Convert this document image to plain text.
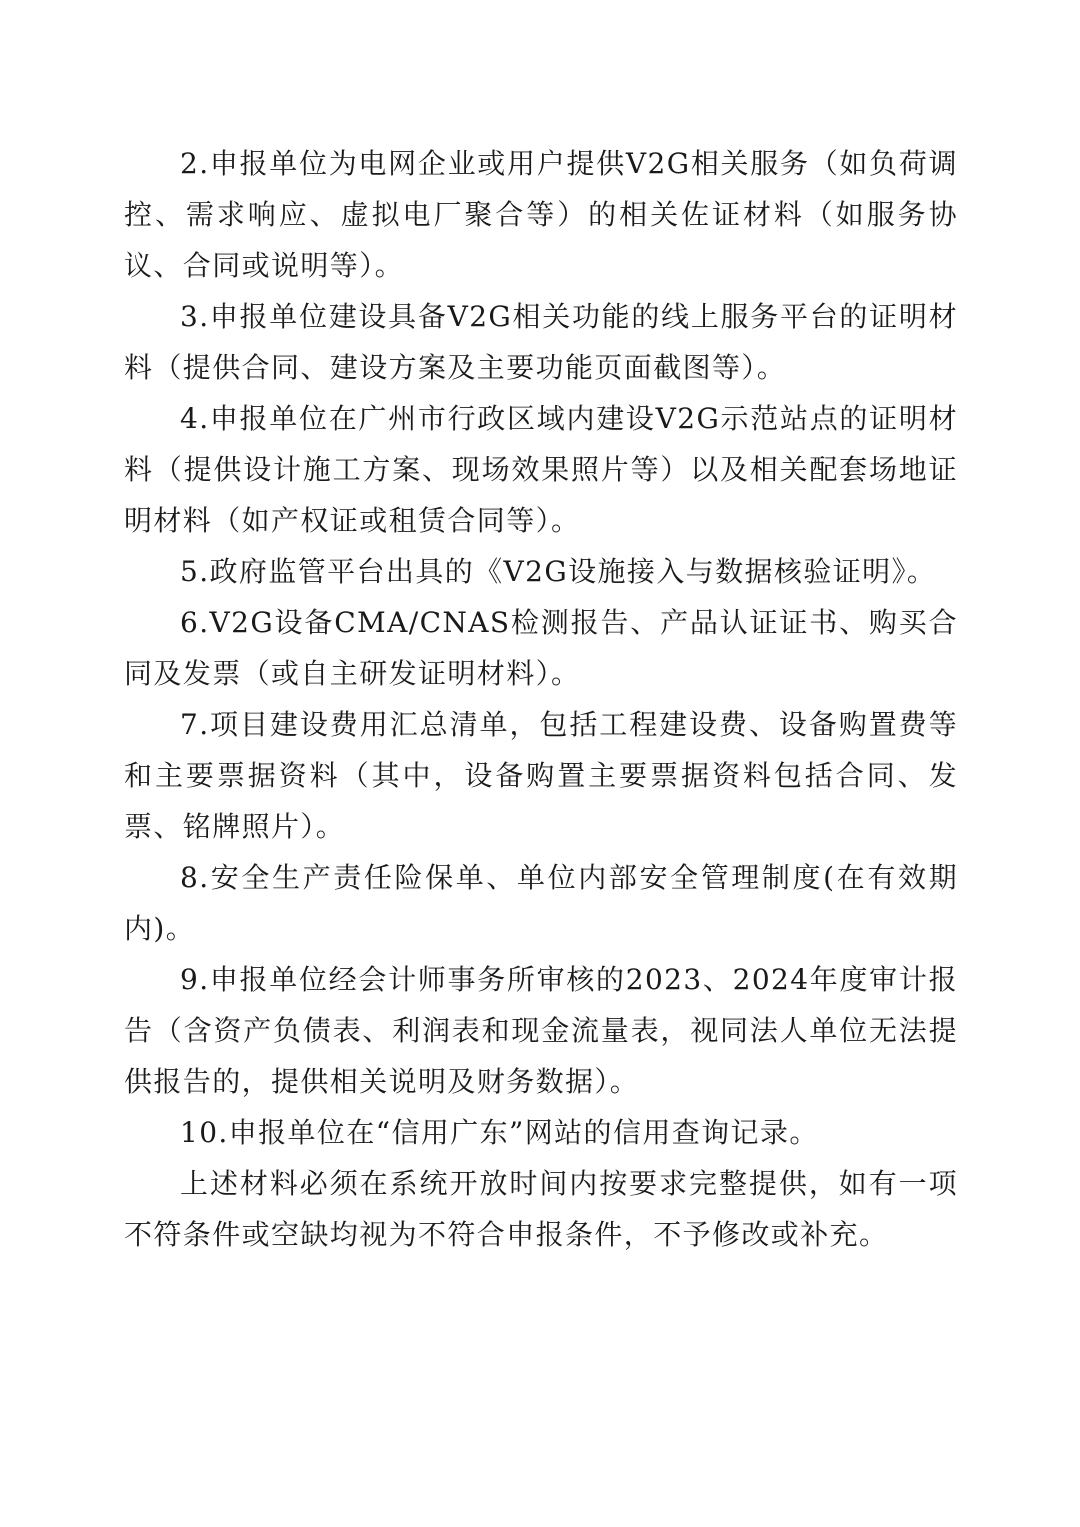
2.申报单位为电网企业或用户提供V2G相关服务（如负荷调控、需求响应、虚拟电厂聚合等）的相关佐证材料（如服务协议、合同或说明等）。

3.申报单位建设具备V2G相关功能的线上服务平台的证明材料（提供合同、建设方案及主要功能页面截图等）。

4.申报单位在广州市行政区域内建设V2G示范站点的证明材料（提供设计施工方案、现场效果照片等）以及相关配套场地证明材料（如产权证或租赁合同等）。

5.政府监管平台出具的《V2G设施接入与数据核验证明》。

6.V2G设备CMA/CNAS检测报告、产品认证证书、购买合同及发票（或自主研发证明材料）。

7.项目建设费用汇总清单，包括工程建设费、设备购置费等和主要票据资料（其中，设备购置主要票据资料包括合同、发票、铭牌照片）。

8.安全生产责任险保单、单位内部安全管理制度(在有效期内)。

9.申报单位经会计师事务所审核的2023、2024年度审计报告（含资产负债表、利润表和现金流量表，视同法人单位无法提供报告的，提供相关说明及财务数据）。

10.申报单位在“信用广东”网站的信用查询记录。

上述材料必须在系统开放时间内按要求完整提供，如有一项不符条件或空缺均视为不符合申报条件，不予修改或补充。
